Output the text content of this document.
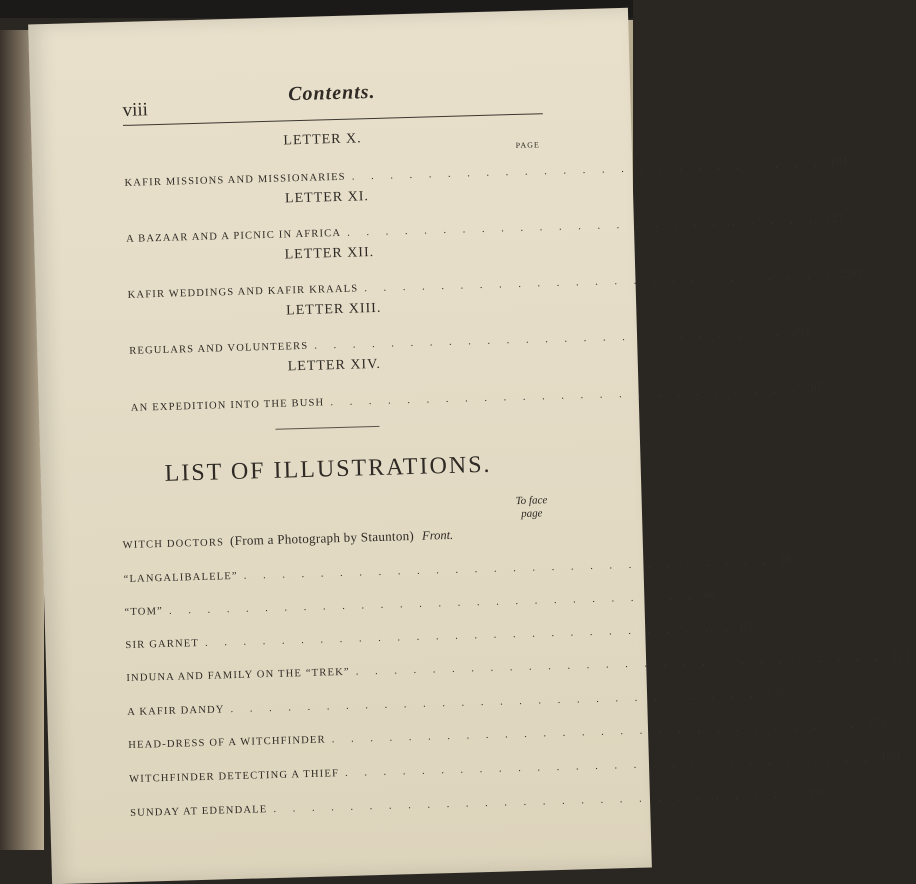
viii
Contents.
PAGE
LETTER X.
KAFIR MISSIONS AND MISSIONARIES . . . . . . . . . . . . . . . . . . . . . . . . . 191
LETTER XI.
A BAZAAR AND A PICNIC IN AFRICA . . . . . . . . . . . . . . . . . . . . . . . . . 221
LETTER XII.
KAFIR WEDDINGS AND KAFIR KRAALS . . . . . . . . . . . . . . . . . . . . . . . . . 250
LETTER XIII.
REGULARS AND VOLUNTEERS . . . . . . . . . . . . . . . . . . . . . . . . . 281
LETTER XIV.
AN EXPEDITION INTO THE BUSH . . . . . . . . . . . . . . . . . . . . . . . . . 307
LIST OF ILLUSTRATIONS.
To face
page
WITCH DOCTORS (From a Photograph by Staunton) Front.
“LANGALIBALELE” . . . . . . . . . . . . . . . . . . . . . . . . . . . . 18
“TOM” . . . . . . . . . . . . . . . . . . . . . . . . . . . . 66
SIR GARNET . . . . . . . . . . . . . . . . . . . . . . . . . . . . 69
INDUNA AND FAMILY ON THE “TREK” . . . . . . . . . . . . . . . . . . . . . . . . . . . . 121
A KAFIR DANDY . . . . . . . . . . . . . . . . . . . . . . . . . . . . 138
HEAD-DRESS OF A WITCHFINDER . . . . . . . . . . . . . . . . . . . . . . . . . . . . 179
WITCHFINDER DETECTING A THIEF . . . . . . . . . . . . . . . . . . . . . . . . . . . . 180
SUNDAY AT EDENDALE . . . . . . . . . . . . . . . . . . . . . . . . . . . . 197
